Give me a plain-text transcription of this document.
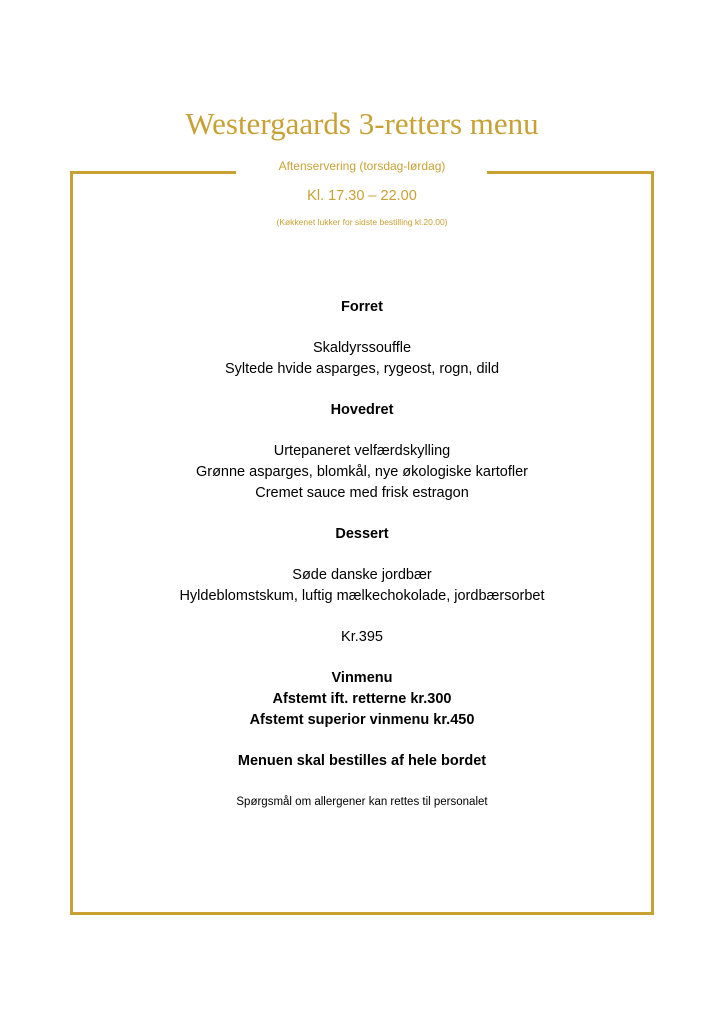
Westergaards 3-retters menu
Aftenservering (torsdag-lørdag)
Kl. 17.30 – 22.00
(Køkkenet lukker for sidste bestilling kl.20.00)
Forret
Skaldyrssouffle
Syltede hvide asparges, rygeost, rogn, dild
Hovedret
Urtepaneret velfærdskylling
Grønne asparges, blomkål, nye økologiske kartofler
Cremet sauce med frisk estragon
Dessert
Søde danske jordbær
Hyldeblomstskum, luftig mælkechokolade, jordbærsorbet
Kr.395
Vinmenu
Afstemt ift. retterne kr.300
Afstemt superior vinmenu kr.450
Menuen skal bestilles af hele bordet
Spørgsmål om allergener kan rettes til personalet
